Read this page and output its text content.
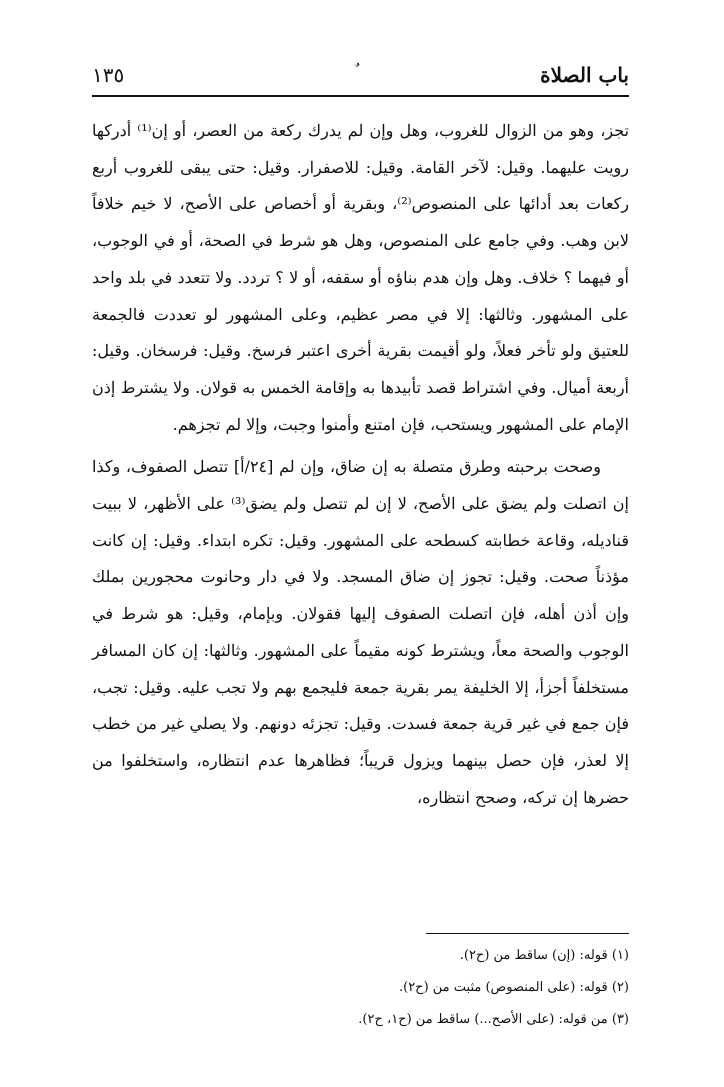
باب الصلاة
١٣٥

تجز، وهو من الزوال للغروب، وهل وإن لم يدرك ركعة من العصر، أو إن⁽¹⁾ أدركها رويت عليهما. وقيل: لآخر القامة. وقيل: للاصفرار. وقيل: حتى يبقى للغروب أربع ركعات بعد أدائها على المنصوص⁽²⁾، وبقرية أو أخصاص على الأصح، لا خيم خلافاً لابن وهب. وفي جامع على المنصوص، وهل هو شرط في الصحة، أو في الوجوب، أو فيهما ؟ خلاف. وهل وإن هدم بناؤه أو سقفه، أو لا ؟ تردد. ولا تتعدد في بلد واحد على المشهور. وثالثها: إلا في مصر عظيم، وعلى المشهور لو تعددت فالجمعة للعتيق ولو تأخر فعلاً، ولو أقيمت بقرية أخرى اعتبر فرسخ. وقيل: فرسخان. وقيل: أربعة أميال. وفي اشتراط قصد تأبيدها به وإقامة الخمس به قولان. ولا يشترط إذن الإمام على المشهور ويستحب، فإن امتنع وأمنوا وجبت، وإلا لم تجزهم.

وصحت برحبته وطرق متصلة به إن ضاق، وإن لم [٢٤/أ] تتصل الصفوف، وكذا إن اتصلت ولم يضق على الأصح، لا إن لم تتصل ولم يضق⁽³⁾ على الأظهر، لا ببيت قناديله، وقاعة خطابته كسطحه على المشهور. وقيل: تكره ابتداء. وقيل: إن كانت مؤذناً صحت. وقيل: تجوز إن ضاق المسجد. ولا في دار وحانوت محجورين بملك وإن أذن أهله، فإن اتصلت الصفوف إليها فقولان. وبإمام، وقيل: هو شرط في الوجوب والصحة معاً، ويشترط كونه مقيماً على المشهور. وثالثها: إن كان المسافر مستخلفاً أجزأ، إلا الخليفة يمر بقرية جمعة فليجمع بهم ولا تجب عليه. وقيل: تجب، فإن جمع في غير قرية جمعة فسدت. وقيل: تجزئه دونهم. ولا يصلي غير من خطب إلا لعذر، فإن حصل بينهما ويزول قريباً؛ فظاهرها عدم انتظاره، واستخلفوا من حضرها إن تركه، وصحح انتظاره،

(١) قوله: (إن) ساقط من (ح٢).

(٢) قوله: (على المنصوص) مثبت من (ح٢).

(٣) من قوله: (على الأصح...) ساقط من (ح١، ح٢).
